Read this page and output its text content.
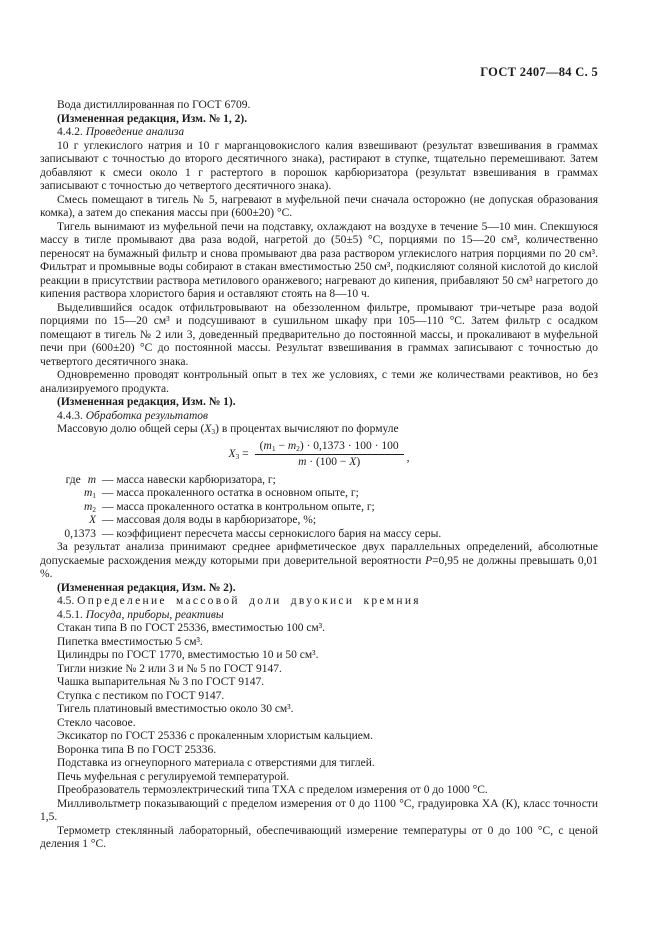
ГОСТ 2407—84 С. 5

Вода дистиллированная по ГОСТ 6709.

(Измененная редакция, Изм. № 1, 2).

4.4.2. Проведение анализа

10 г углекислого натрия и 10 г марганцовокислого калия взвешивают (результат взвешивания в граммах записывают с точностью до второго десятичного знака), растирают в ступке, тщательно перемешивают. Затем добавляют к смеси около 1 г растертого в порошок карбюризатора (результат взвешивания в граммах записывают с точностью до четвертого десятичного знака).

Смесь помещают в тигель № 5, нагревают в муфельной печи сначала осторожно (не допуская образования комка), а затем до спекания массы при (600±20) °С.

Тигель вынимают из муфельной печи на подставку, охлаждают на воздухе в течение 5—10 мин. Спекшуюся массу в тигле промывают два раза водой, нагретой до (50±5) °С, порциями по 15—20 см³, количественно переносят на бумажный фильтр и снова промывают два раза раствором углекислого натрия порциями по 20 см³. Фильтрат и промывные воды собирают в стакан вместимостью 250 см³, подкисляют соляной кислотой до кислой реакции в присутствии раствора метилового оранжевого; нагревают до кипения, прибавляют 50 см³ нагретого до кипения раствора хлористого бария и оставляют стоять на 8—10 ч.

Выделившийся осадок отфильтровывают на обеззоленном фильтре, промывают три-четыре раза водой порциями по 15—20 см³ и подсушивают в сушильном шкафу при 105—110 °С. Затем фильтр с осадком помещают в тигель № 2 или 3, доведенный предварительно до постоянной массы, и прокаливают в муфельной печи при (600±20) °С до постоянной массы. Результат взвешивания в граммах записывают с точностью до четвертого десятичного знака.

Одновременно проводят контрольный опыт в тех же условиях, с теми же количествами реактивов, но без анализируемого продукта.

(Измененная редакция, Изм. № 1).

4.4.3. Обработка результатов

Массовую долю общей серы $(X_3)$ в процентах вычисляют по формуле

$X_3 = \frac{(m_1 - m_2) \cdot 0,1373 \cdot 100 \cdot 100}{m \cdot (100 - X)}$ ,
где m — масса навески карбюризатора, г;
$m_1$ — масса прокаленного остатка в основном опыте, г;
$m_2$ — масса прокаленного остатка в контрольном опыте, г;
X — массовая доля воды в карбюризаторе, %;
0,1373 — коэффициент пересчета массы сернокислого бария на массу серы.

За результат анализа принимают среднее арифметическое двух параллельных определений, абсолютные допускаемые расхождения между которыми при доверительной вероятности P=0,95 не должны превышать 0,01 %.

(Измененная редакция, Изм. № 2).

4.5. Определение массовой доли двуокиси кремния

4.5.1. Посуда, приборы, реактивы

Стакан типа В по ГОСТ 25336, вместимостью 100 см³.

Пипетка вместимостью 5 см³.

Цилиндры по ГОСТ 1770, вместимостью 10 и 50 см³.

Тигли низкие № 2 или 3 и № 5 по ГОСТ 9147.

Чашка выпарительная № 3 по ГОСТ 9147.

Ступка с пестиком по ГОСТ 9147.

Тигель платиновый вместимостью около 30 см³.

Стекло часовое.

Эксикатор по ГОСТ 25336 с прокаленным хлористым кальцием.

Воронка типа В по ГОСТ 25336.

Подставка из огнеупорного материала с отверстиями для тиглей.

Печь муфельная с регулируемой температурой.

Преобразователь термоэлектрический типа ТХА с пределом измерения от 0 до 1000 °С.

Милливольтметр показывающий с пределом измерения от 0 до 1100 °С, градуировка ХА (К), класс точности 1,5.

Термометр стеклянный лабораторный, обеспечивающий измерение температуры от 0 до 100 °С, с ценой деления 1 °С.
